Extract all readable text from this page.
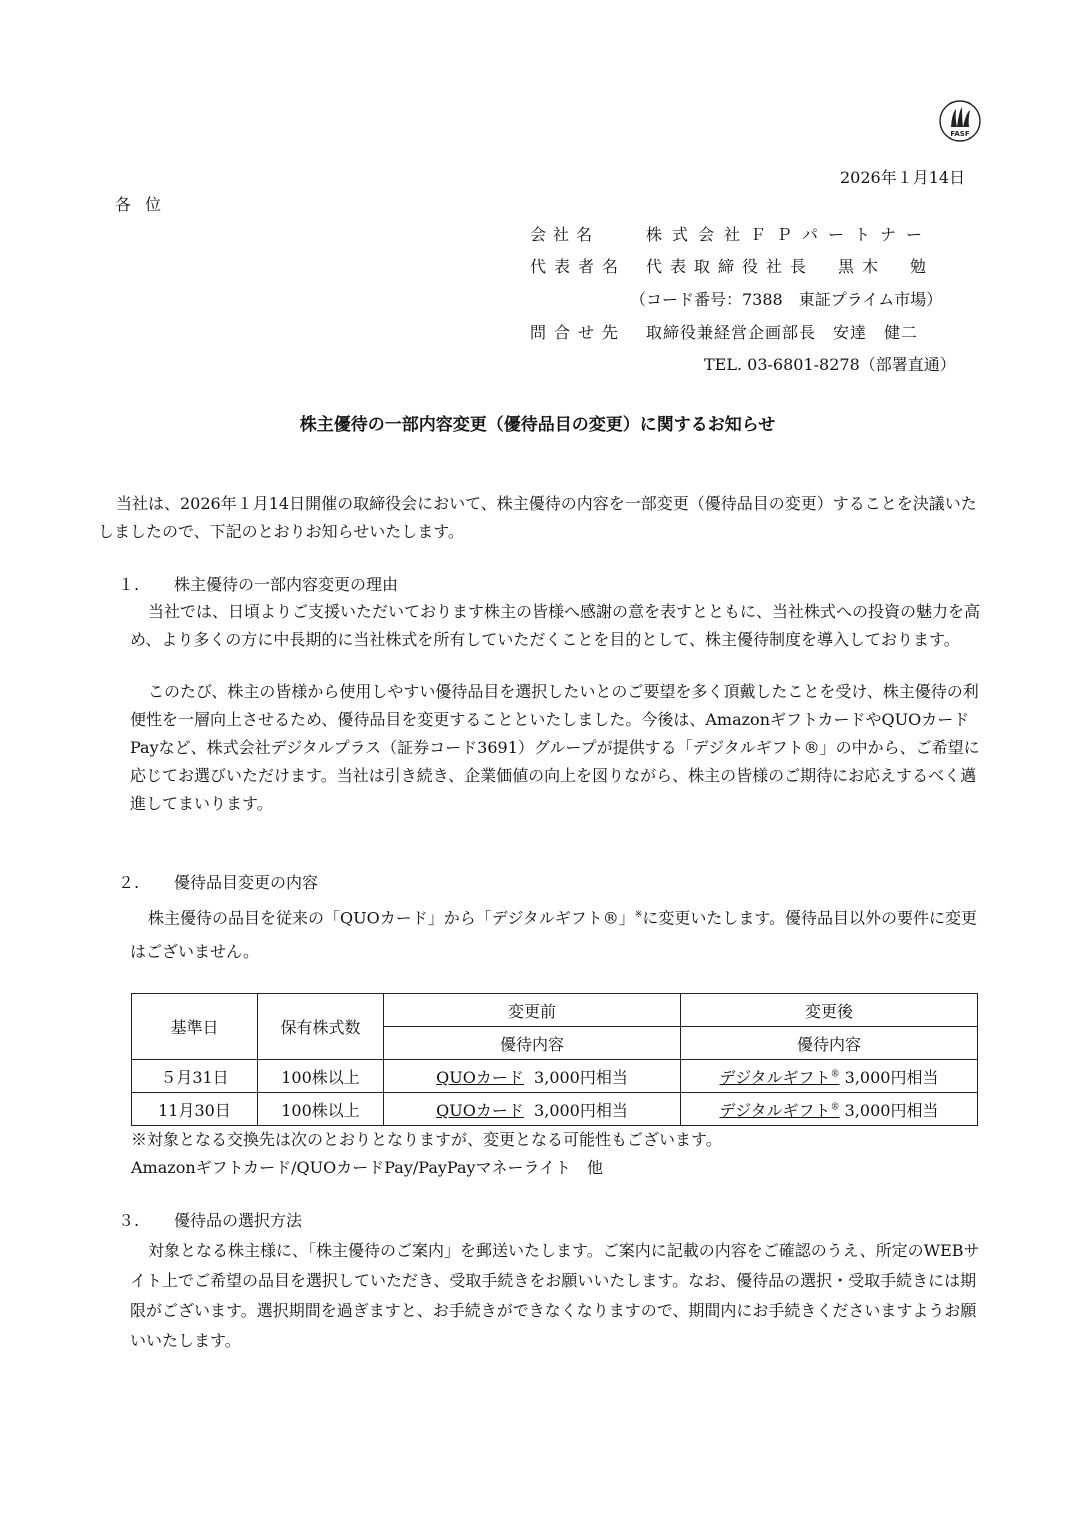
FASF
2026年１月14日
各位
会社名	株式会社ＦＰパートナー
代表者名	代表取締役社長　黒木　勉
（コード番号：7388　東証プライム市場）
問合せ先	取締役兼経営企画部長　安達　健二
TEL. 03-6801-8278（部署直通）
株主優待の一部内容変更（優待品目の変更）に関するお知らせ
当社は、2026年１月14日開催の取締役会において、株主優待の内容を一部変更（優待品目の変更）することを決議いたしましたので、下記のとおりお知らせいたします。
１. 株主優待の一部内容変更の理由
当社では、日頃よりご支援いただいております株主の皆様へ感謝の意を表すとともに、当社株式への投資の魅力を高め、より多くの方に中長期的に当社株式を所有していただくことを目的として、株主優待制度を導入しております。
このたび、株主の皆様から使用しやすい優待品目を選択したいとのご要望を多く頂戴したことを受け、株主優待の利便性を一層向上させるため、優待品目を変更することといたしました。今後は、AmazonギフトカードやQUOカードPayなど、株式会社デジタルプラス（証券コード3691）グループが提供する「デジタルギフト®」の中から、ご希望に応じてお選びいただけます。当社は引き続き、企業価値の向上を図りながら、株主の皆様のご期待にお応えするべく邁進してまいります。
２. 優待品目変更の内容
株主優待の品目を従来の「QUOカード」から「デジタルギフト®」※に変更いたします。優待品目以外の要件に変更はございません。
基準日	保有株式数	変更前	変更後
		優待内容	優待内容
５月31日	100株以上	QUOカード 3,000円相当	デジタルギフト® 3,000円相当
11月30日	100株以上	QUOカード 3,000円相当	デジタルギフト® 3,000円相当
※対象となる交換先は次のとおりとなりますが、変更となる可能性もございます。
Amazonギフトカード/QUOカードPay/PayPayマネーライト　他
３. 優待品の選択方法
対象となる株主様に、「株主優待のご案内」を郵送いたします。ご案内に記載の内容をご確認のうえ、所定のWEBサイト上でご希望の品目を選択していただき、受取手続きをお願いいたします。なお、優待品の選択・受取手続きには期限がございます。選択期間を過ぎますと、お手続きができなくなりますので、期間内にお手続きくださいますようお願いいたします。
